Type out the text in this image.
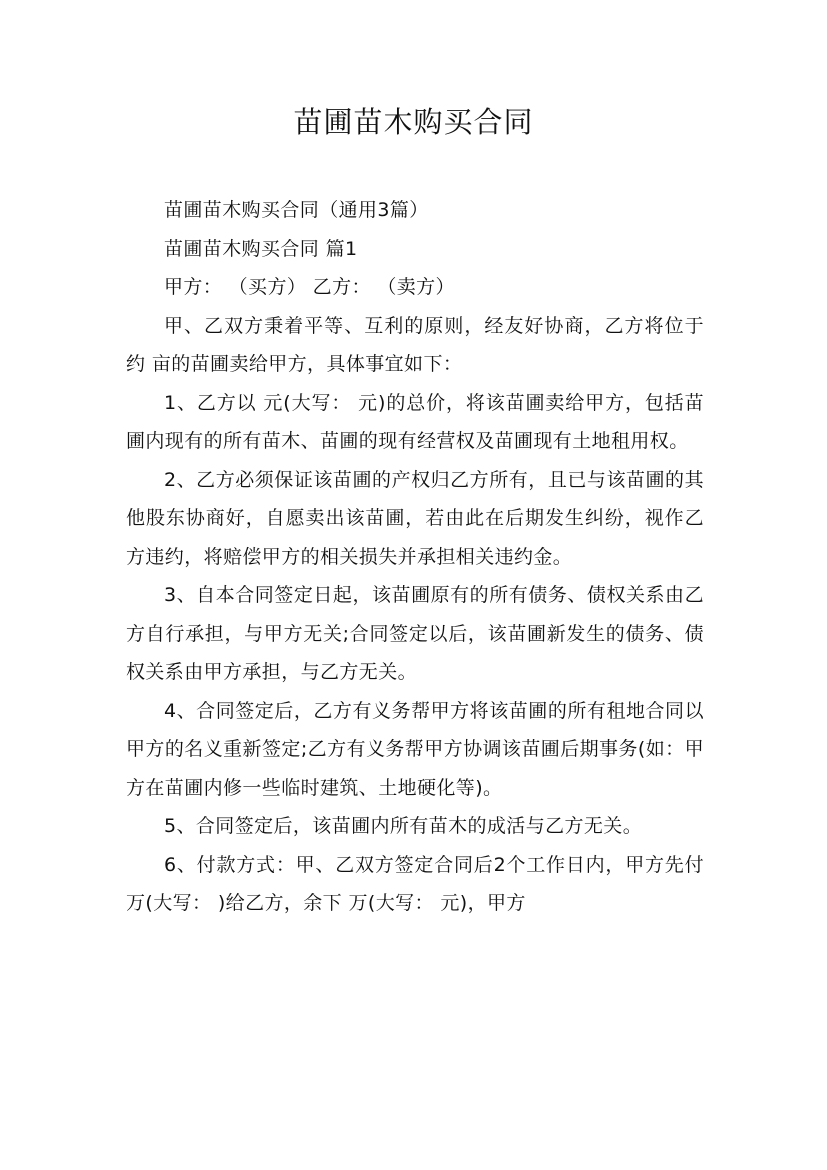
苗圃苗木购买合同

苗圃苗木购买合同（通用3篇）

苗圃苗木购买合同 篇1

甲方： （买方） 乙方： （卖方）

甲、乙双方秉着平等、互利的原则，经友好协商，乙方将位于 约 亩的苗圃卖给甲方，具体事宜如下：

1、乙方以 元(大写： 元)的总价，将该苗圃卖给甲方，包括苗圃内现有的所有苗木、苗圃的现有经营权及苗圃现有土地租用权。

2、乙方必须保证该苗圃的产权归乙方所有，且已与该苗圃的其他股东协商好，自愿卖出该苗圃，若由此在后期发生纠纷，视作乙方违约，将赔偿甲方的相关损失并承担相关违约金。

3、自本合同签定日起，该苗圃原有的所有债务、债权关系由乙方自行承担，与甲方无关;合同签定以后，该苗圃新发生的债务、债权关系由甲方承担，与乙方无关。

4、合同签定后，乙方有义务帮甲方将该苗圃的所有租地合同以甲方的名义重新签定;乙方有义务帮甲方协调该苗圃后期事务(如：甲方在苗圃内修一些临时建筑、土地硬化等)。

5、合同签定后，该苗圃内所有苗木的成活与乙方无关。

6、付款方式：甲、乙双方签定合同后2个工作日内，甲方先付 万(大写： )给乙方，余下 万(大写： 元)，甲方
